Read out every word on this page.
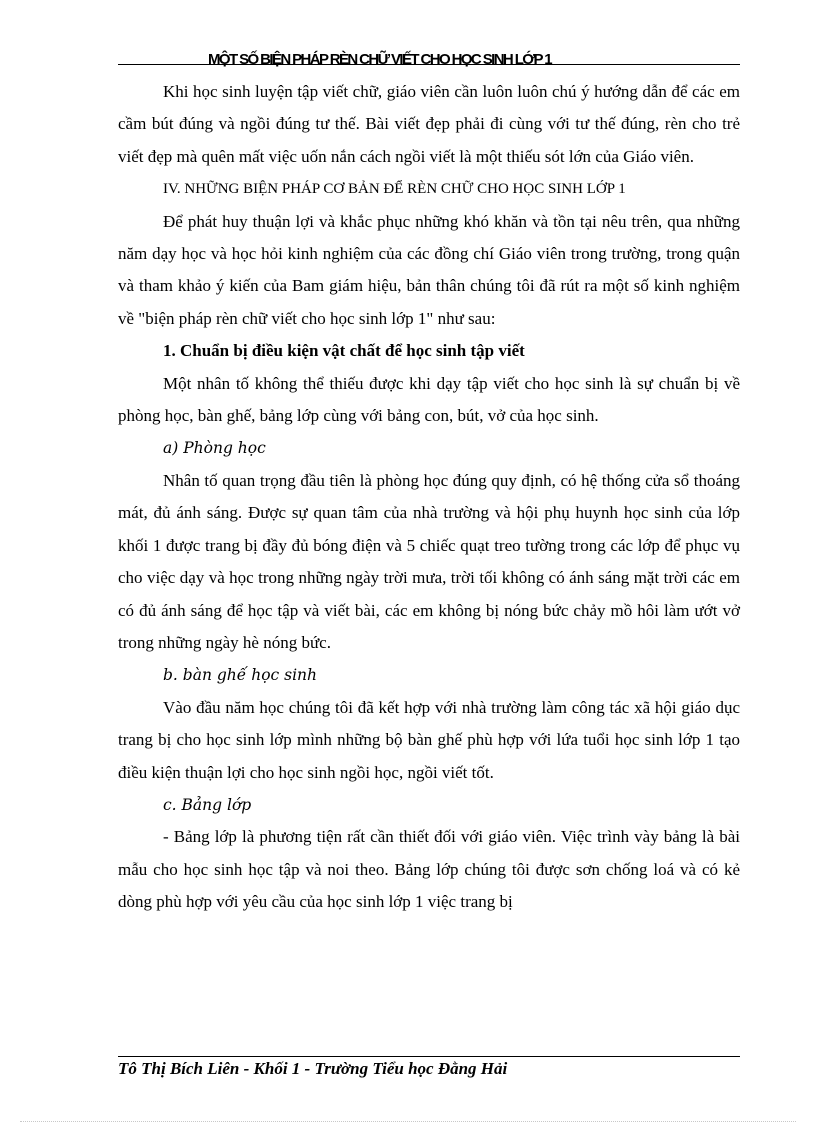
MỘT SỐ BIỆN PHÁP RÈN CHỮ VIẾT CHO HỌC SINH LỚP 1

Khi học sinh luyện tập viết chữ, giáo viên cần luôn luôn chú ý hướng dẫn để các em cầm bút đúng và ngồi đúng tư thế. Bài viết đẹp phải đi cùng với tư thế đúng, rèn cho trẻ viết đẹp mà quên mất việc uốn nắn cách ngồi viết là một thiếu sót lớn của Giáo viên.

IV. NHỮNG BIỆN PHÁP CƠ BẢN ĐỂ RÈN CHỮ CHO HỌC SINH LỚP 1

Để phát huy thuận lợi và khắc phục những khó khăn và tồn tại nêu trên, qua những năm dạy học và học hỏi kinh nghiệm của các đồng chí Giáo viên trong trường, trong quận và tham khảo ý kiến của Bam giám hiệu, bản thân chúng tôi đã rút ra một số kinh nghiệm về "biện pháp rèn chữ viết cho học sinh lớp 1" như sau:

1. Chuẩn bị điều kiện vật chất để học sinh tập viết

Một nhân tố không thể thiếu được khi dạy tập viết cho học sinh là sự chuẩn bị về phòng học, bàn ghế, bảng lớp cùng với bảng con, bút, vở của học sinh.

a) Phòng học

Nhân tố quan trọng đầu tiên là phòng học đúng quy định, có hệ thống cửa sổ thoáng mát, đủ ánh sáng. Được sự quan tâm của nhà trường và hội phụ huynh học sinh của lớp khối 1 được trang bị đầy đủ bóng điện và 5 chiếc quạt treo tường trong các lớp để phục vụ cho việc dạy và học trong những ngày trời mưa, trời tối không có ánh sáng mặt trời các em có đủ ánh sáng để học tập và viết bài, các em không bị nóng bức chảy mồ hôi làm ướt vở trong những ngày hè nóng bức.

b. bàn ghế học sinh

Vào đầu năm học chúng tôi đã kết hợp với nhà trường làm công tác xã hội giáo dục trang bị cho học sinh lớp mình những bộ bàn ghế phù hợp với lứa tuổi học sinh lớp 1 tạo điều kiện thuận lợi cho học sinh ngồi học, ngồi viết tốt.

c. Bảng lớp

- Bảng lớp là phương tiện rất cần thiết đối với giáo viên. Việc trình vày bảng là bài mẫu cho học sinh học tập và noi theo. Bảng lớp chúng tôi được sơn chống loá và có kẻ dòng phù hợp với yêu cầu của học sinh lớp 1 việc trang bị

Tô Thị Bích Liên - Khối 1 - Trường Tiểu học Đằng Hải
